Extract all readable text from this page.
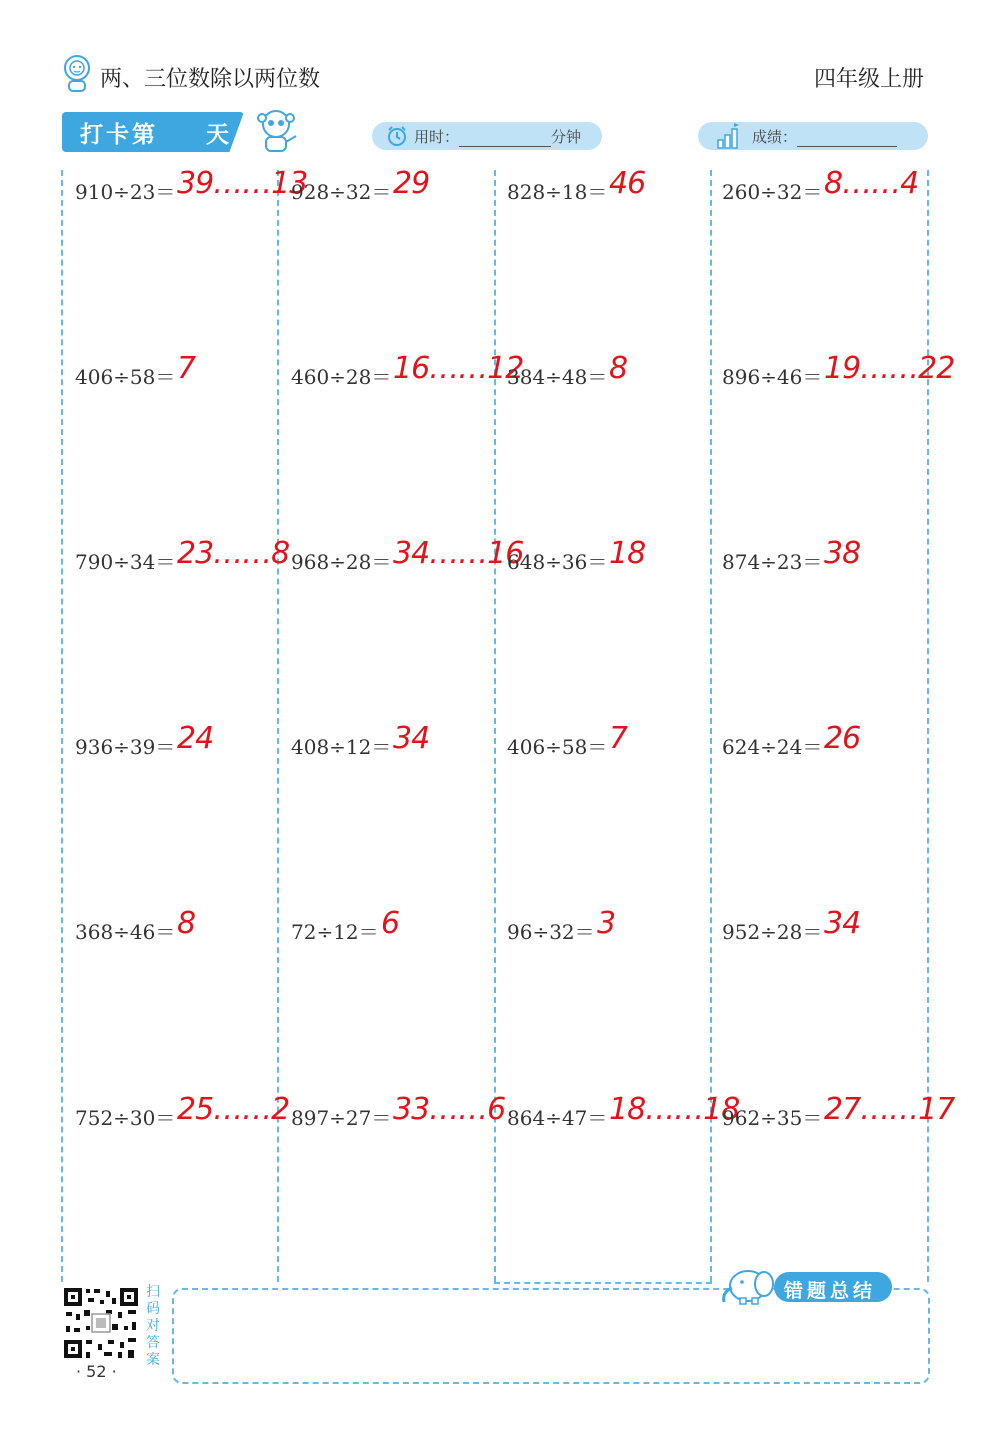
两、三位数除以两位数	四年级上册
打卡第 天	用时：	分钟	成绩：
910÷23＝ 39……13
406÷58＝ 7
790÷34＝ 23……8
936÷39＝ 24
368÷46＝ 8
752÷30＝ 25……2
928÷32＝ 29
460÷28＝ 16……12
968÷28＝ 34……16
408÷12＝ 34
72÷12＝ 6
897÷27＝ 33……6
828÷18＝ 46
384÷48＝ 8
648÷36＝ 18
406÷58＝ 7
96÷32＝ 3
864÷47＝ 18……18
260÷32＝ 8……4
896÷46＝ 19……22
874÷23＝ 38
624÷24＝ 26
952÷28＝ 34
962÷35＝ 27……17
扫码对答案
· 52 ·
错题总结
